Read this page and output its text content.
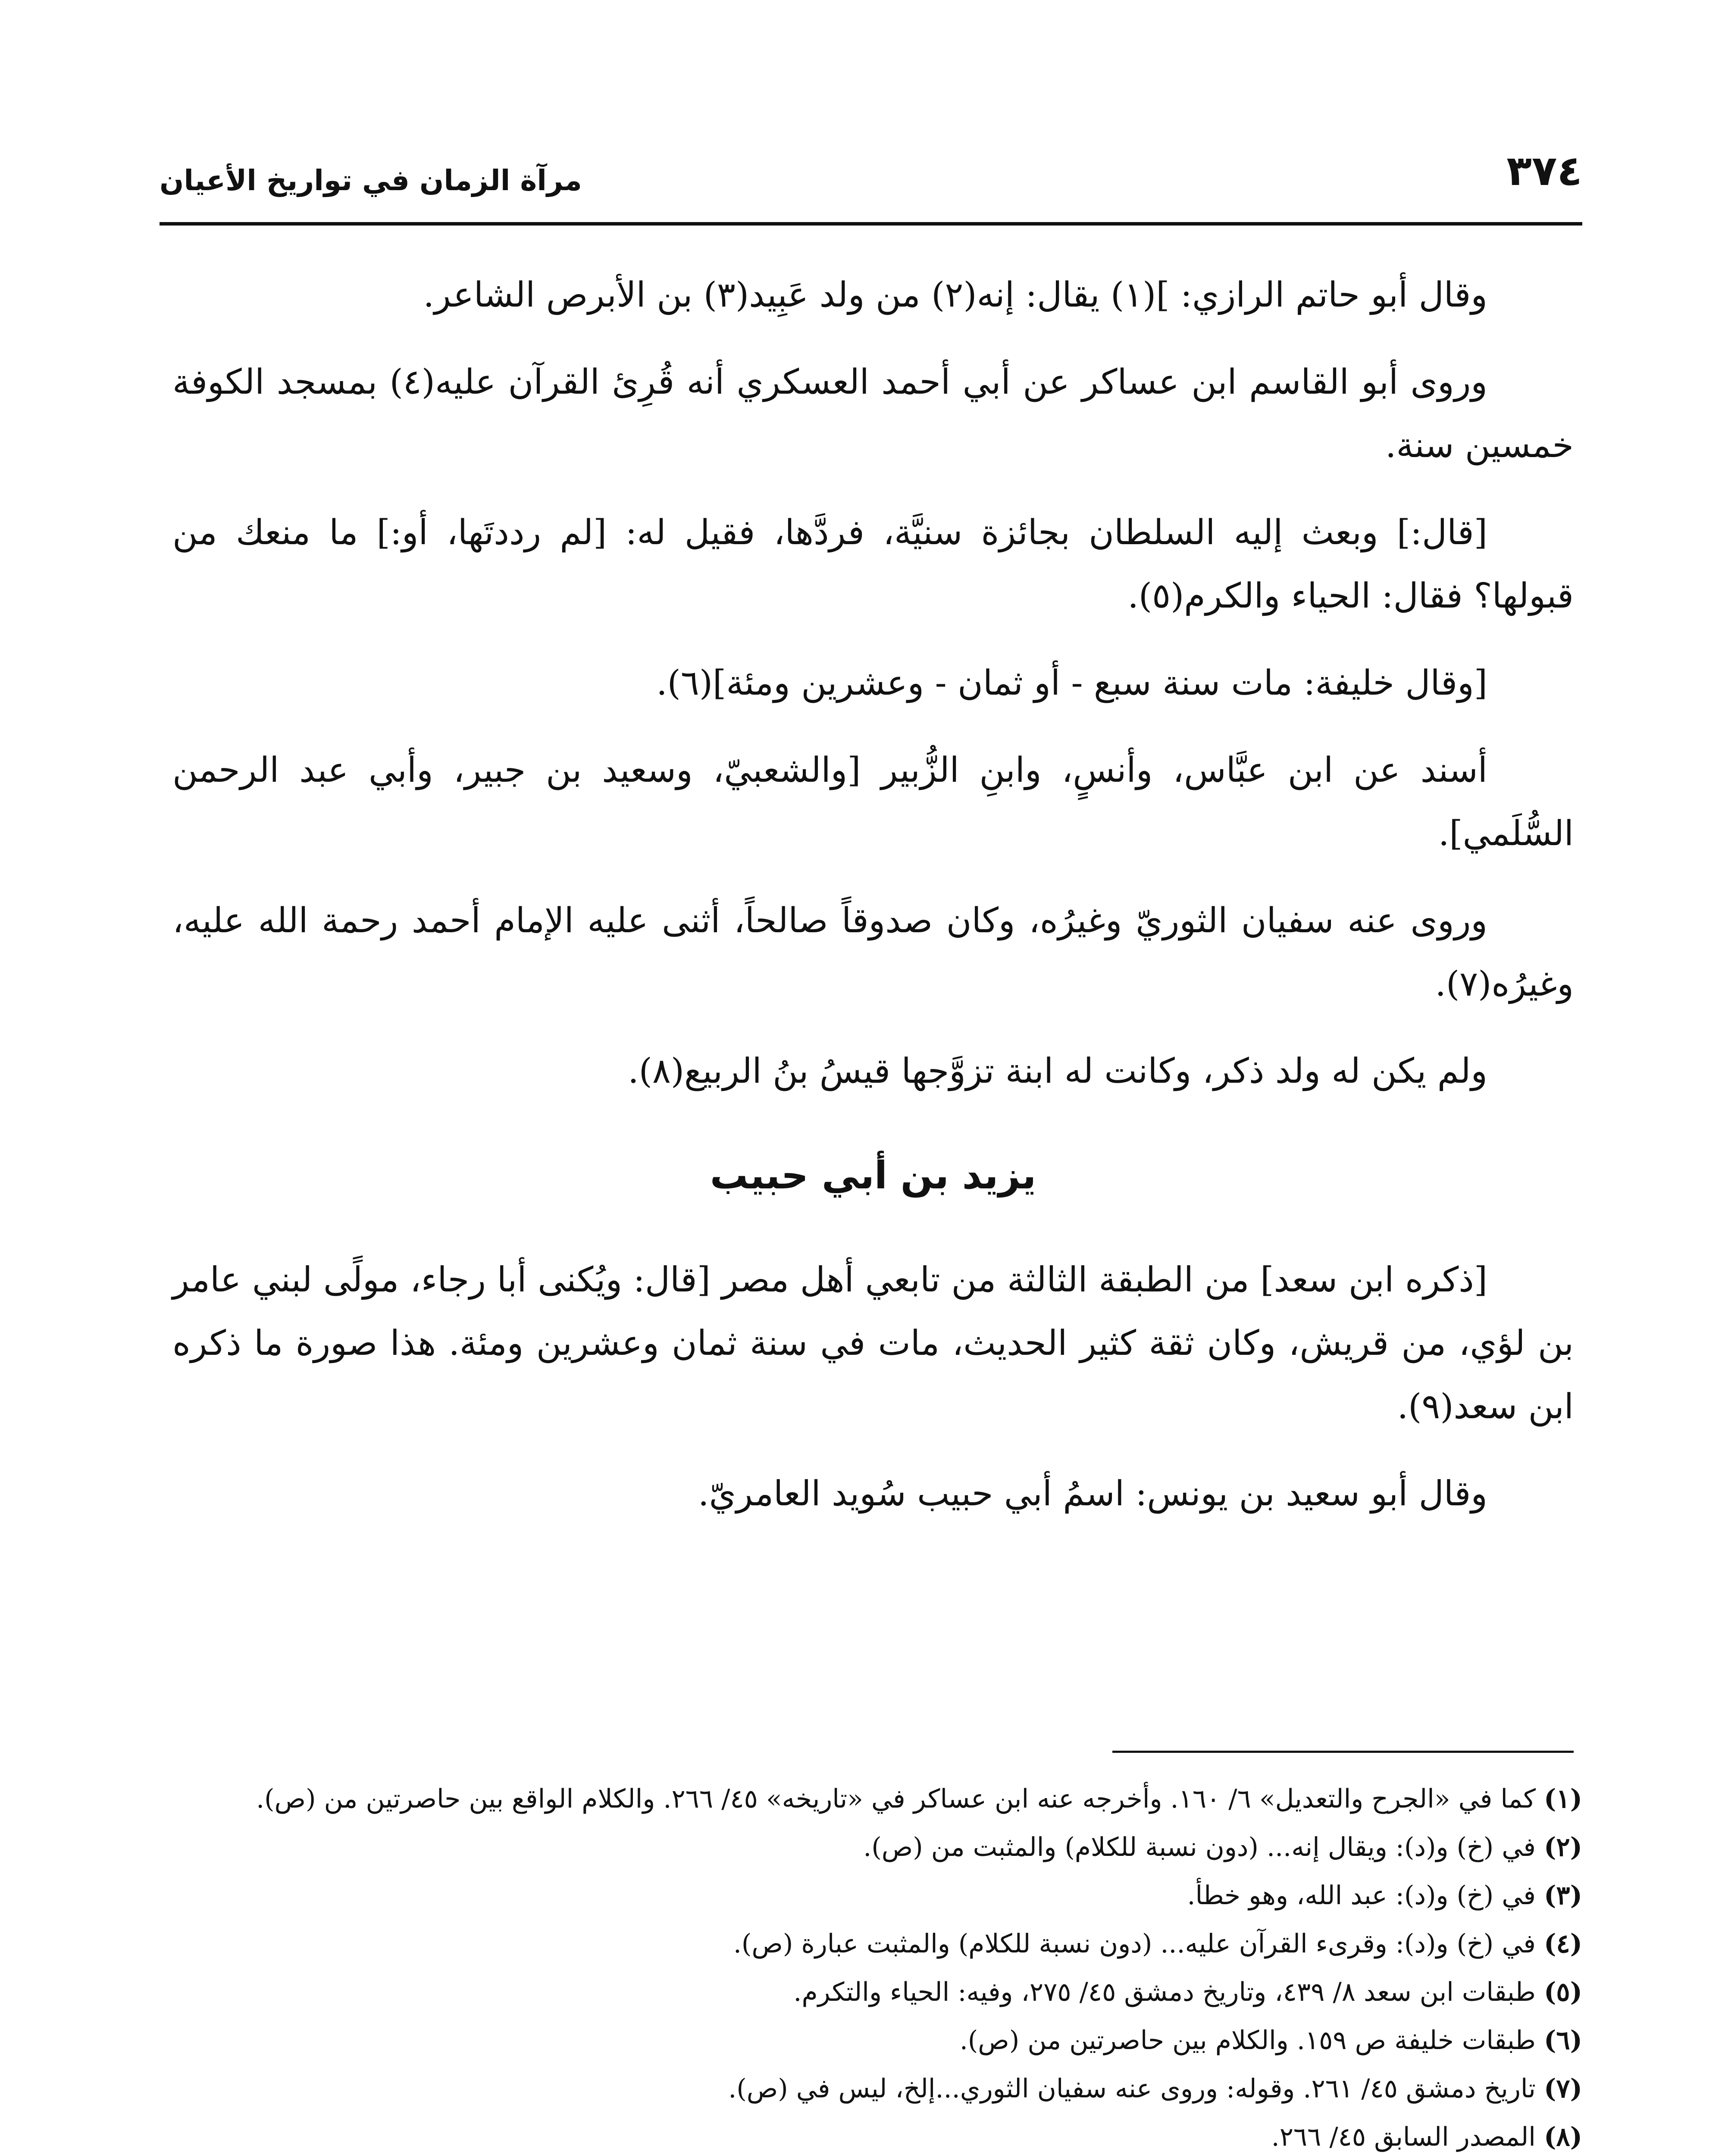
مرآة الزمان في تواريخ الأعيان	٣٧٤

وقال أبو حاتم الرازي: ](١) يقال: إنه(٢) من ولد عَبِيد(٣) بن الأبرص الشاعر.

وروى أبو القاسم ابن عساكر عن أبي أحمد العسكري أنه قُرِئ القرآن عليه(٤) بمسجد الكوفة خمسين سنة.

[قال:] وبعث إليه السلطان بجائزة سنيَّة، فردَّها، فقيل له: [لم رددتَها، أو:] ما منعك من قبولها؟ فقال: الحياء والكرم(٥).

[وقال خليفة: مات سنة سبع - أو ثمان - وعشرين ومئة](٦).

أسند عن ابن عبَّاس، وأنسٍ، وابنِ الزُّبير [والشعبيّ، وسعيد بن جبير، وأبي عبد الرحمن السُّلَمي].

وروى عنه سفيان الثوريّ وغيرُه، وكان صدوقاً صالحاً، أثنى عليه الإمام أحمد رحمة الله عليه، وغيرُه(٧).

ولم يكن له ولد ذكر، وكانت له ابنة تزوَّجها قيسُ بنُ الربيع(٨).

يزيد بن أبي حبيب

[ذكره ابن سعد] من الطبقة الثالثة من تابعي أهل مصر [قال: ويُكنى أبا رجاء، مولًى لبني عامر بن لؤي، من قريش، وكان ثقة كثير الحديث، مات في سنة ثمان وعشرين ومئة. هذا صورة ما ذكره ابن سعد(٩).

وقال أبو سعيد بن يونس: اسمُ أبي حبيب سُويد العامريّ.

(١) كما في «الجرح والتعديل» ٦/ ١٦٠. وأخرجه عنه ابن عساكر في «تاريخه» ٤٥/ ٢٦٦. والكلام الواقع بين حاصرتين من (ص).

(٢) في (خ) و(د): ويقال إنه... (دون نسبة للكلام) والمثبت من (ص).

(٣) في (خ) و(د): عبد الله، وهو خطأ.

(٤) في (خ) و(د): وقرىء القرآن عليه... (دون نسبة للكلام) والمثبت عبارة (ص).

(٥) طبقات ابن سعد ٨/ ٤٣٩، وتاريخ دمشق ٤٥/ ٢٧٥، وفيه: الحياء والتكرم.

(٦) طبقات خليفة ص ١٥٩. والكلام بين حاصرتين من (ص).

(٧) تاريخ دمشق ٤٥/ ٢٦١. وقوله: وروى عنه سفيان الثوري...إلخ، ليس في (ص).

(٨) المصدر السابق ٤٥/ ٢٦٦.
